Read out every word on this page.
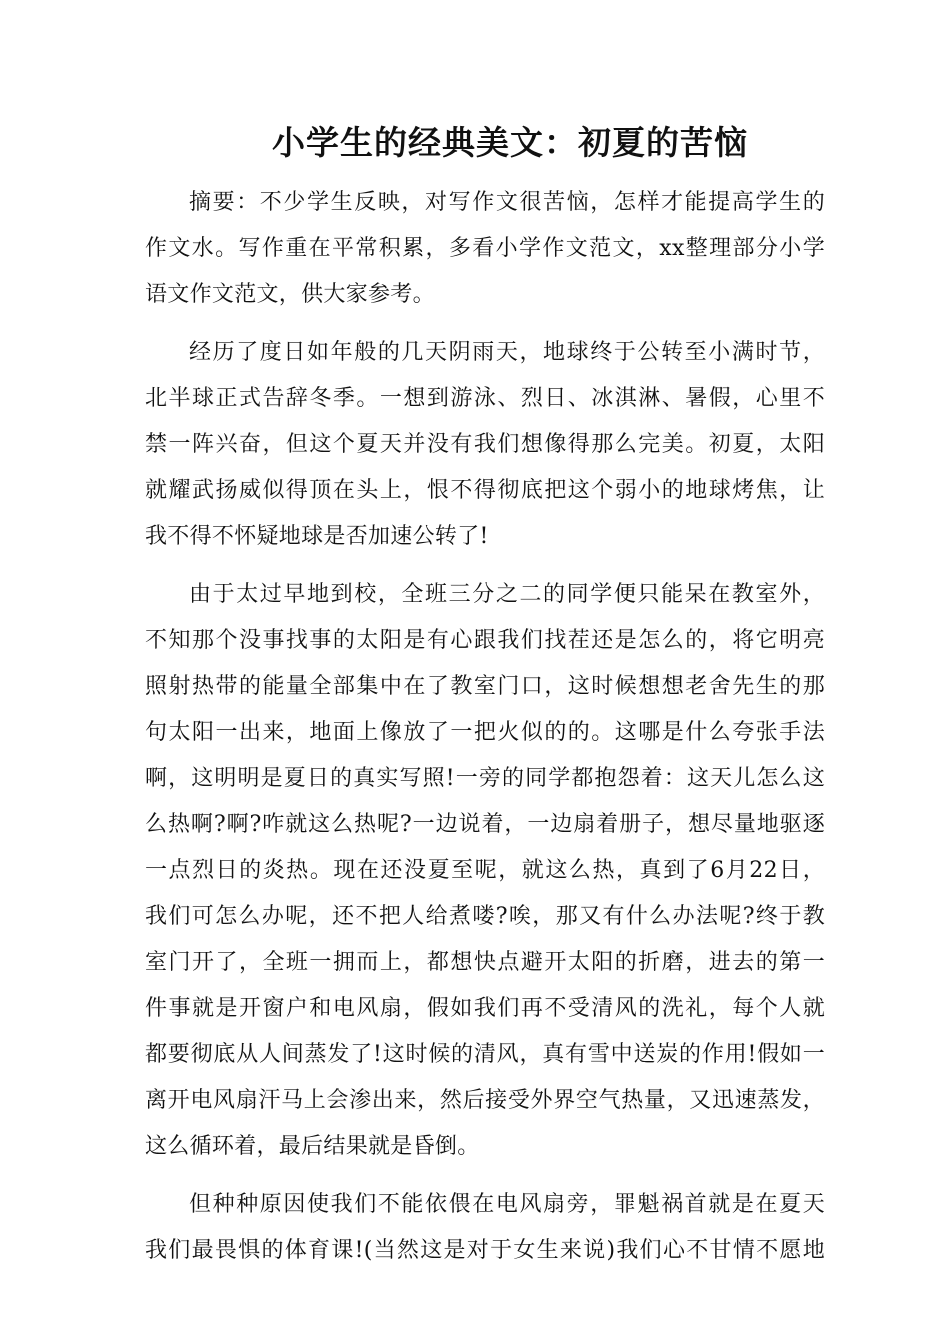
小学生的经典美文：初夏的苦恼
摘要：不少学生反映，对写作文很苦恼，怎样才能提高学生的
作文水。写作重在平常积累，多看小学作文范文，xx整理部分小学
语文作文范文，供大家参考。
经历了度日如年般的几天阴雨天，地球终于公转至小满时节，
北半球正式告辞冬季。一想到游泳、烈日、冰淇淋、暑假，心里不
禁一阵兴奋，但这个夏天并没有我们想像得那么完美。初夏，太阳
就耀武扬威似得顶在头上，恨不得彻底把这个弱小的地球烤焦，让
我不得不怀疑地球是否加速公转了!
由于太过早地到校，全班三分之二的同学便只能呆在教室外，
不知那个没事找事的太阳是有心跟我们找茬还是怎么的，将它明亮
照射热带的能量全部集中在了教室门口，这时候想想老舍先生的那
句太阳一出来，地面上像放了一把火似的的。这哪是什么夸张手法
啊，这明明是夏日的真实写照!一旁的同学都抱怨着：这天儿怎么这
么热啊?啊?咋就这么热呢?一边说着，一边扇着册子，想尽量地驱逐
一点烈日的炎热。现在还没夏至呢，就这么热，真到了6月22日，
我们可怎么办呢，还不把人给煮喽?唉，那又有什么办法呢?终于教
室门开了，全班一拥而上，都想快点避开太阳的折磨，进去的第一
件事就是开窗户和电风扇，假如我们再不受清风的洗礼，每个人就
都要彻底从人间蒸发了!这时候的清风，真有雪中送炭的作用!假如一
离开电风扇汗马上会渗出来，然后接受外界空气热量，又迅速蒸发，
这么循环着，最后结果就是昏倒。
但种种原因使我们不能依偎在电风扇旁，罪魁祸首就是在夏天
我们最畏惧的体育课!(当然这是对于女生来说)我们心不甘情不愿地
